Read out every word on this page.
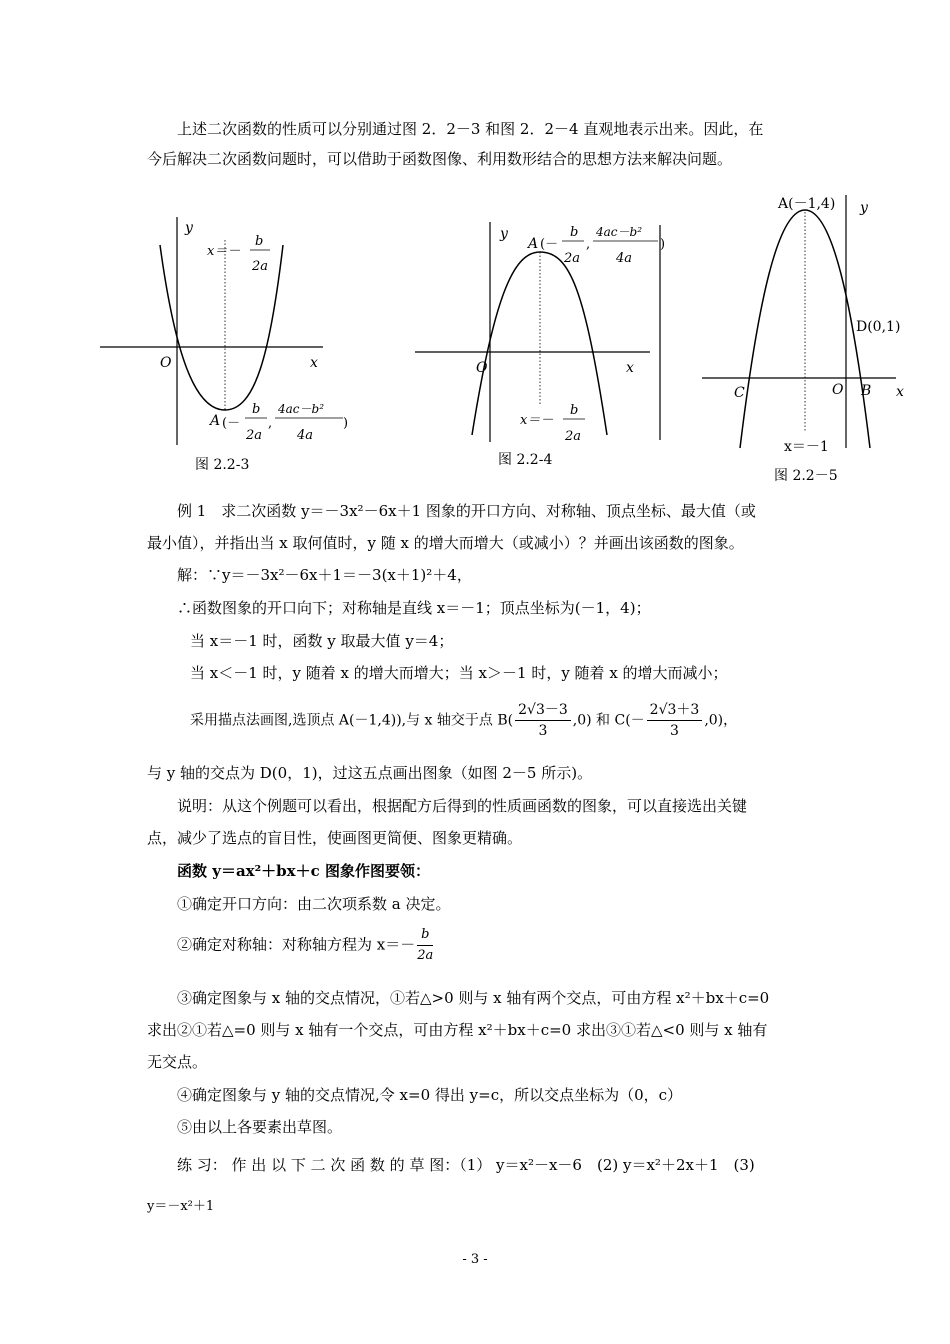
上述二次函数的性质可以分别通过图 2．2－3 和图 2．2－4 直观地表示出来。因此，在
今后解决二次函数问题时，可以借助于函数图像、利用数形结合的思想方法来解决问题。
y
O	x
x＝－
b
2a
A (－
b
2a
,
4ac－b²
4a
)
图 2.2-3
y
O	x
A (－
b
2a
,
4ac－b²
4a
)
x＝－
b
2a
图 2.2-4
A(－1,4) y
D(0,1)
C	O B x
x＝－1
图 2.2－5
例 1　求二次函数 y＝－3x²－6x＋1 图象的开口方向、对称轴、顶点坐标、最大值（或
最小值），并指出当 x 取何值时，y 随 x 的增大而增大（或减小）？并画出该函数的图象。
解：∵y＝－3x²－6x＋1＝－3(x＋1)²＋4，
∴函数图象的开口向下；对称轴是直线 x＝－1；顶点坐标为(－1，4)；
当 x＝－1 时，函数 y 取最大值 y＝4；
当 x＜－1 时，y 随着 x 的增大而增大；当 x＞－1 时，y 随着 x 的增大而减小；
采用描点法画图,选顶点 A(－1,4)),与 x 轴交于点 $B( \frac{2√3-3}{3} ,0)$ 和 $C(- \frac{2√3+3}{3} ,0)$，
与 y 轴的交点为 D(0，1)，过这五点画出图象（如图 2－5 所示)。
说明：从这个例题可以看出，根据配方后得到的性质画函数的图象，可以直接选出关键
点，减少了选点的盲目性，使画图更简便、图象更精确。
函数 y＝ax²＋bx＋c 图象作图要领：
①确定开口方向：由二次项系数 a 决定。
②确定对称轴：对称轴方程为 $x=- \frac{b}{2a}$
③确定图象与 x 轴的交点情况，①若△>0 则与 x 轴有两个交点，可由方程 x²＋bx＋c=0
求出②①若△=0 则与 x 轴有一个交点，可由方程 x²＋bx＋c=0 求出③①若△<0 则与 x 轴有
无交点。
④确定图象与 y 轴的交点情况,令 x=0 得出 y=c，所以交点坐标为（0，c）
⑤由以上各要素出草图。
练 习： 作 出 以 下 二 次 函 数 的 草 图：（1） y＝x²－x－6　(2) y＝x²＋2x＋1　(3)
y＝－x²＋1
- 3 -
